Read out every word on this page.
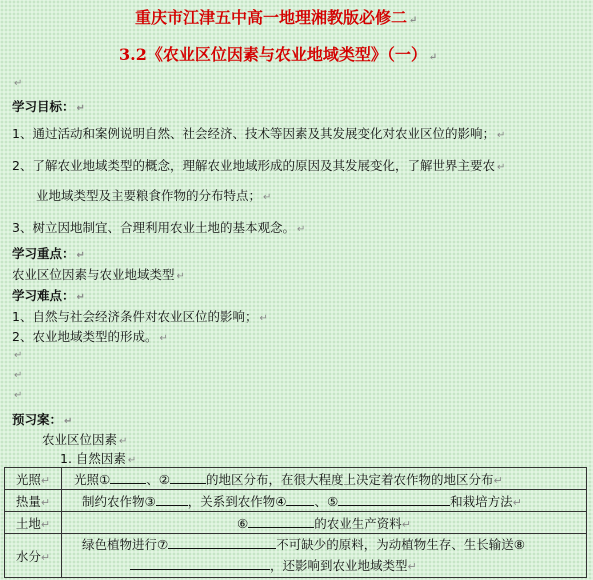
重庆市江津五中高一地理湘教版必修二 ↵
3.2《农业区位因素与农业地域类型》（一） ↵
↵
学习目标： ↵
1、通过活动和案例说明自然、社会经济、技术等因素及其发展变化对农业区位的影响； ↵
2、了解农业地域类型的概念，理解农业地域形成的原因及其发展变化，了解世界主要农 ↵
业地域类型及主要粮食作物的分布特点； ↵
3、树立因地制宜、合理利用农业土地的基本观念。 ↵
学习重点： ↵
农业区位因素与农业地域类型 ↵
学习难点： ↵
1、自然与社会经济条件对农业区位的影响； ↵
2、农业地域类型的形成。 ↵
↵
↵
↵
预习案： ↵
农业区位因素 ↵
1. 自然因素 ↵
光照↵	光照① 、② 的地区分布，在很大程度上决定着农作物的地区分布↵
热量↵	制约农作物③ ，关系到农作物④ 、⑤ 和栽培方法↵
土地↵	⑥ 的农业生产资料↵
水分↵	绿色植物进行⑦ 不可缺少的原料，为动植物生存、生长输送⑧
，还影响到农业地域类型↵
